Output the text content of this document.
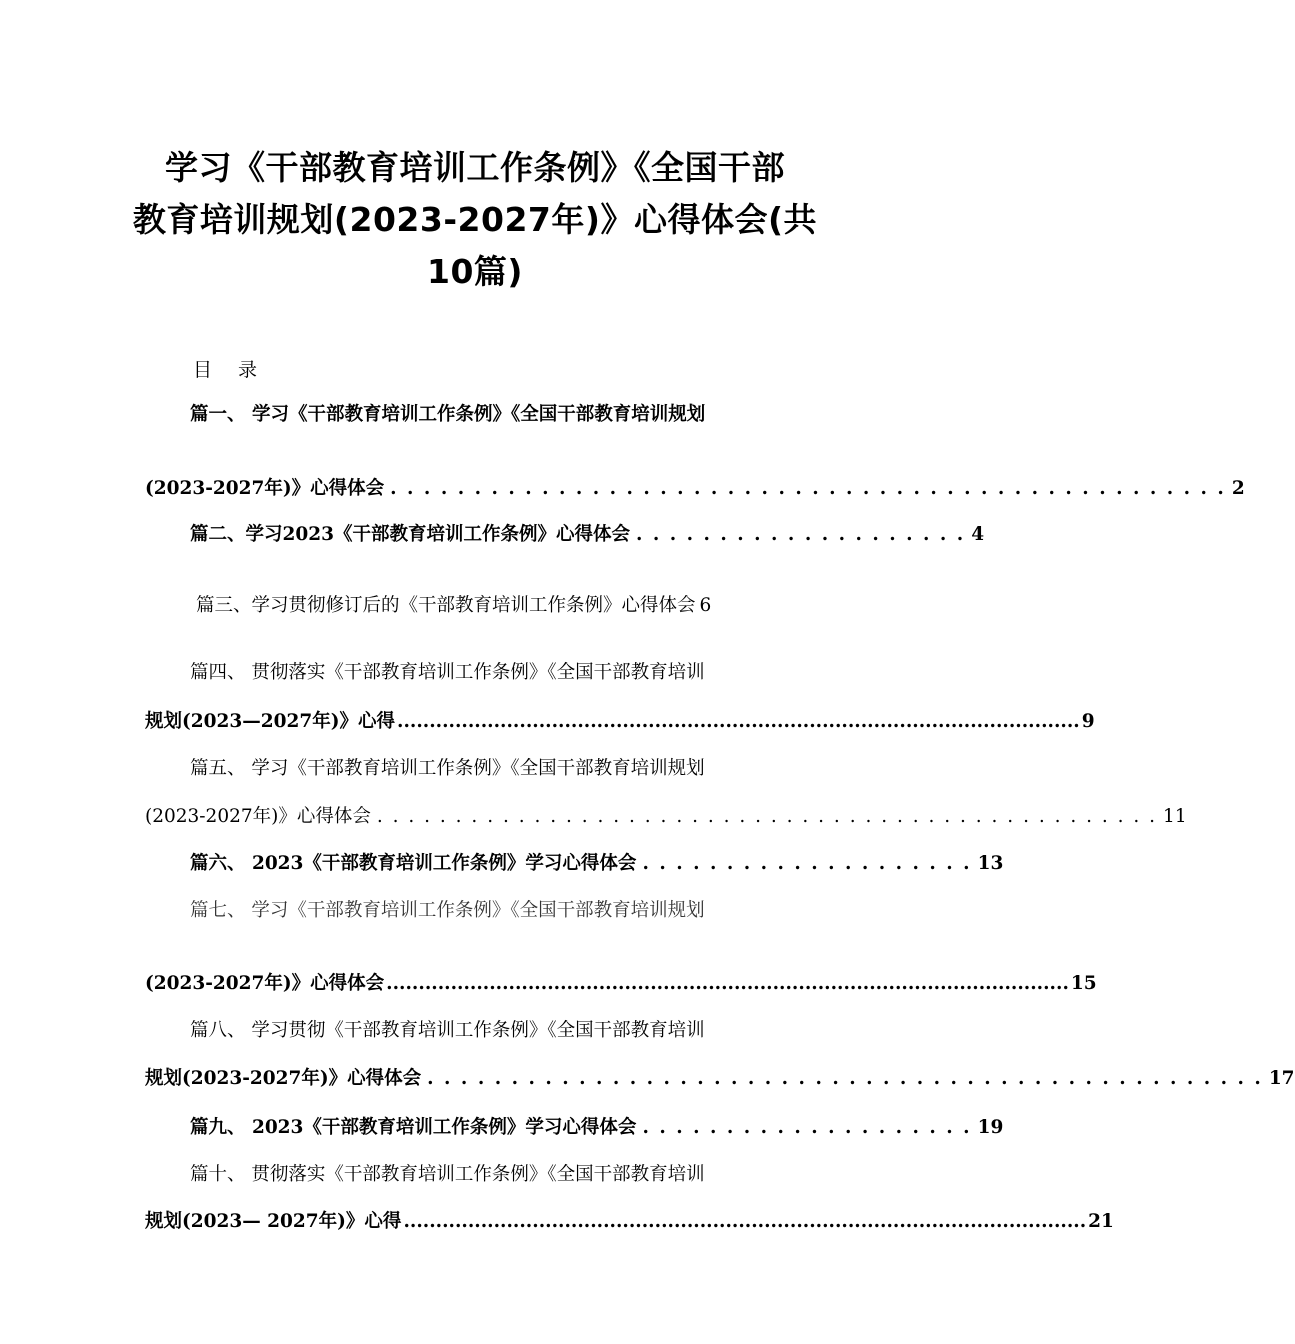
学习《干部教育培训工作条例》《全国干部
教育培训规划(2023-2027年)》心得体会(共
10篇)
目 录
篇一、 学习《干部教育培训工作条例》《全国干部教育培训规划
(2023-2027年)》心得体会 . . . . . . . . . . . . . . . . . . . . . . . . . . . . . . . . . . . . . . . . . . . . . . . . . . 2
篇二、学习2023《干部教育培训工作条例》心得体会 . . . . . . . . . . . . . . . . . . . . 4
篇三、学习贯彻修订后的《干部教育培训工作条例》心得体会 6
篇四、 贯彻落实《干部教育培训工作条例》《全国干部教育培训
规划(2023—2027年)》心得 .......................................................................................................... 9
篇五、 学习《干部教育培训工作条例》《全国干部教育培训规划
(2023-2027年)》心得体会 . . . . . . . . . . . . . . . . . . . . . . . . . . . . . . . . . . . . . . . . . . . . . . . . . . 11
篇六、 2023《干部教育培训工作条例》学习心得体会 . . . . . . . . . . . . . . . . . . . . 13
篇七、 学习《干部教育培训工作条例》《全国干部教育培训规划
(2023-2027年)》心得体会 .......................................................................................................... 15
篇八、 学习贯彻《干部教育培训工作条例》《全国干部教育培训
规划(2023-2027年)》心得体会 . . . . . . . . . . . . . . . . . . . . . . . . . . . . . . . . . . . . . . . . . . . . . . . . . . 17
篇九、 2023《干部教育培训工作条例》学习心得体会 . . . . . . . . . . . . . . . . . . . . 19
篇十、 贯彻落实《干部教育培训工作条例》《全国干部教育培训
规划(2023— 2027年)》心得 .......................................................................................................... 21
